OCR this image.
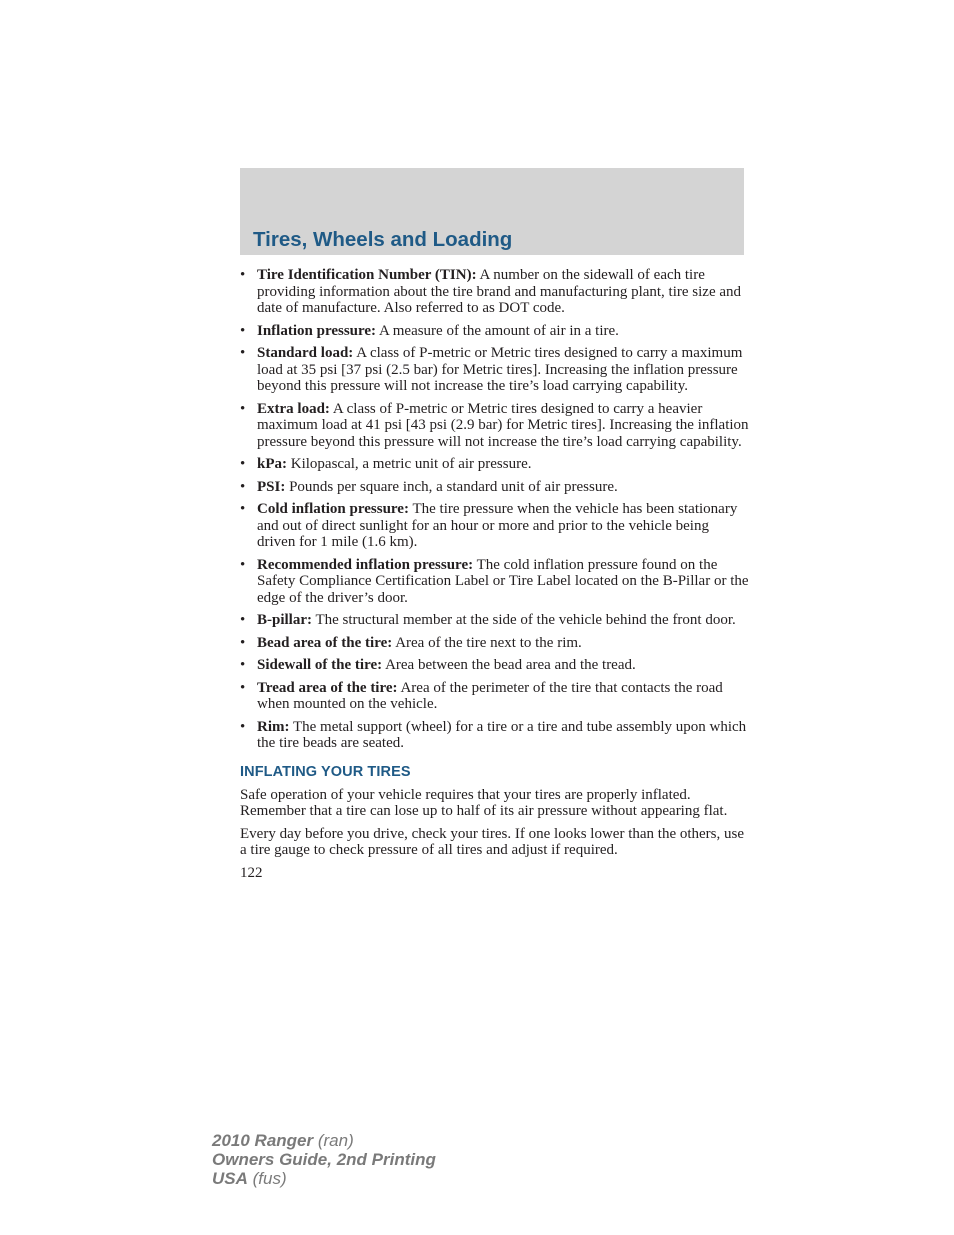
Tires, Wheels and Loading
• Tire Identification Number (TIN): A number on the sidewall of each tire providing information about the tire brand and manufacturing plant, tire size and date of manufacture. Also referred to as DOT code.
• Inflation pressure: A measure of the amount of air in a tire.
• Standard load: A class of P-metric or Metric tires designed to carry a maximum load at 35 psi [37 psi (2.5 bar) for Metric tires]. Increasing the inflation pressure beyond this pressure will not increase the tire’s load carrying capability.
• Extra load: A class of P-metric or Metric tires designed to carry a heavier maximum load at 41 psi [43 psi (2.9 bar) for Metric tires]. Increasing the inflation pressure beyond this pressure will not increase the tire’s load carrying capability.
• kPa: Kilopascal, a metric unit of air pressure.
• PSI: Pounds per square inch, a standard unit of air pressure.
• Cold inflation pressure: The tire pressure when the vehicle has been stationary and out of direct sunlight for an hour or more and prior to the vehicle being driven for 1 mile (1.6 km).
• Recommended inflation pressure: The cold inflation pressure found on the Safety Compliance Certification Label or Tire Label located on the B-Pillar or the edge of the driver’s door.
• B-pillar: The structural member at the side of the vehicle behind the front door.
• Bead area of the tire: Area of the tire next to the rim.
• Sidewall of the tire: Area between the bead area and the tread.
• Tread area of the tire: Area of the perimeter of the tire that contacts the road when mounted on the vehicle.
• Rim: The metal support (wheel) for a tire or a tire and tube assembly upon which the tire beads are seated.
INFLATING YOUR TIRES

Safe operation of your vehicle requires that your tires are properly inflated. Remember that a tire can lose up to half of its air pressure without appearing flat.

Every day before you drive, check your tires. If one looks lower than the others, use a tire gauge to check pressure of all tires and adjust if required.

122

2010 Ranger (ran)
Owners Guide, 2nd Printing
USA (fus)
